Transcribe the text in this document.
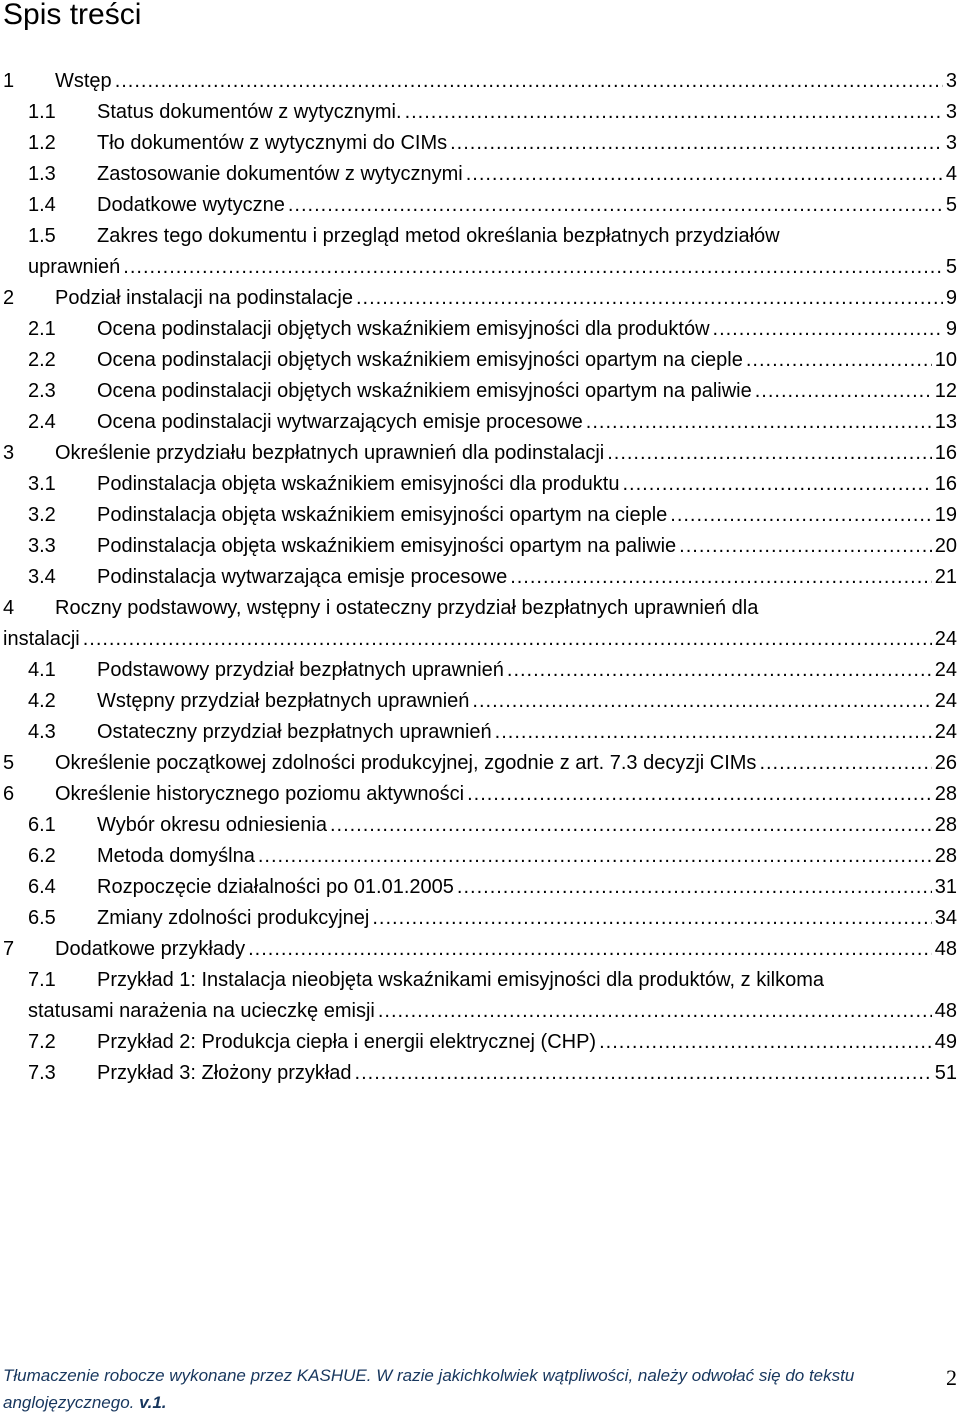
Spis treści
1 Wstęp .....	3
1.1 Status dokumentów z wytycznymi. .....	3
1.2 Tło dokumentów z wytycznymi do CIMs .....	3
1.3 Zastosowanie dokumentów z wytycznymi .....	4
1.4 Dodatkowe wytyczne .....	5
1.5 Zakres tego dokumentu i przegląd metod określania bezpłatnych przydziałów
uprawnień .....	5
2 Podział instalacji na podinstalacje .....	9
2.1 Ocena podinstalacji objętych wskaźnikiem emisyjności dla produktów .....	9
2.2 Ocena podinstalacji objętych wskaźnikiem emisyjności opartym na cieple .....	10
2.3 Ocena podinstalacji objętych wskaźnikiem emisyjności opartym na paliwie .....	12
2.4 Ocena podinstalacji wytwarzających emisje procesowe .....	13
3 Określenie przydziału bezpłatnych uprawnień dla podinstalacji .....	16
3.1 Podinstalacja objęta wskaźnikiem emisyjności dla produktu .....	16
3.2 Podinstalacja objęta wskaźnikiem emisyjności opartym na cieple .....	19
3.3 Podinstalacja objęta wskaźnikiem emisyjności opartym na paliwie .....	20
3.4 Podinstalacja wytwarzająca emisje procesowe .....	21
4 Roczny podstawowy, wstępny i ostateczny przydział bezpłatnych uprawnień dla
instalacji .....	24
4.1 Podstawowy przydział bezpłatnych uprawnień .....	24
4.2 Wstępny przydział bezpłatnych uprawnień .....	24
4.3 Ostateczny przydział bezpłatnych uprawnień .....	24
5 Określenie początkowej zdolności produkcyjnej, zgodnie z art. 7.3 decyzji CIMs .....	26
6 Określenie historycznego poziomu aktywności .....	28
6.1 Wybór okresu odniesienia .....	28
6.2 Metoda domyślna .....	28
6.4 Rozpoczęcie działalności po 01.01.2005 .....	31
6.5 Zmiany zdolności produkcyjnej .....	34
7 Dodatkowe przykłady .....	48
7.1 Przykład 1: Instalacja nieobjęta wskaźnikami emisyjności dla produktów, z kilkoma
statusami narażenia na ucieczkę emisji .....	48
7.2 Przykład 2: Produkcja ciepła i energii elektrycznej (CHP) .....	49
7.3 Przykład 3: Złożony przykład .....	51
Tłumaczenie robocze wykonane przez KASHUE. W razie jakichkolwiek wątpliwości, należy odwołać się do tekstu anglojęzycznego. v.1.
2
